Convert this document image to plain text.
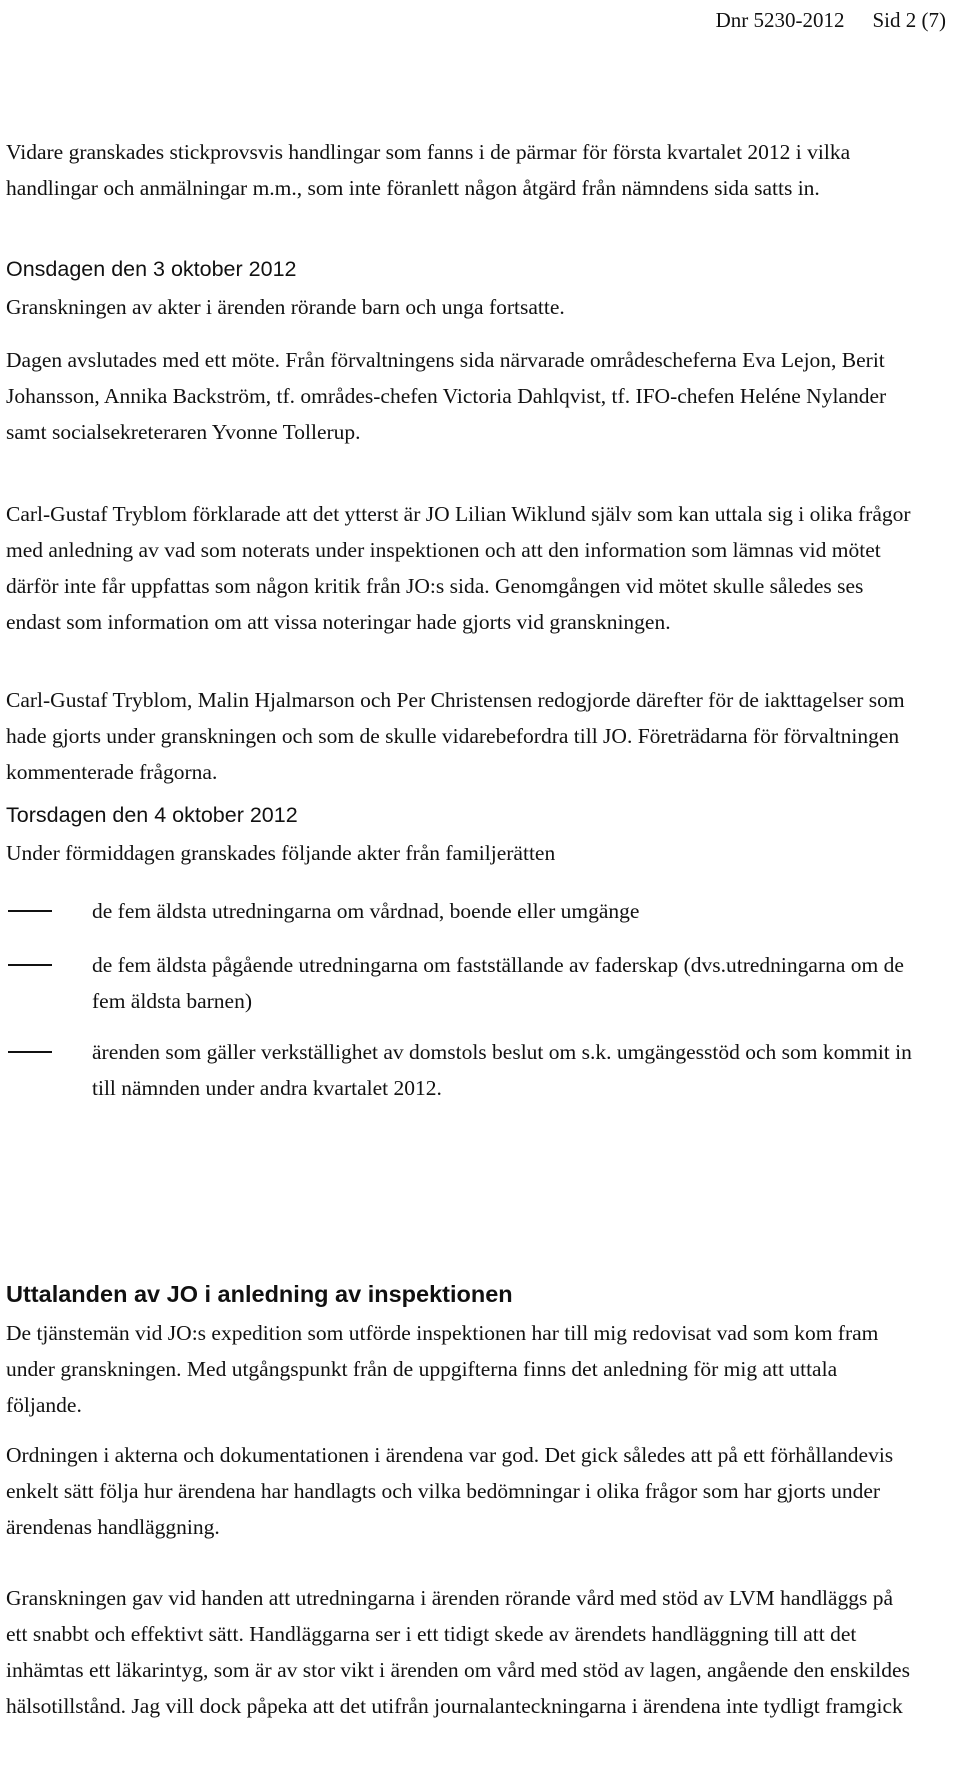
Dnr 5230-2012 Sid 2 (7)

Vidare granskades stickprovsvis handlingar som fanns i de pärmar för första kvartalet 2012 i vilka handlingar och anmälningar m.m., som inte föranlett någon åtgärd från nämndens sida satts in.

Onsdagen den 3 oktober 2012

Granskningen av akter i ärenden rörande barn och unga fortsatte.

Dagen avslutades med ett möte. Från förvaltningens sida närvarade områdescheferna Eva Lejon, Berit Johansson, Annika Backström, tf. områdes-chefen Victoria Dahlqvist, tf. IFO-chefen Heléne Nylander samt socialsekreteraren Yvonne Tollerup.

Carl-Gustaf Tryblom förklarade att det ytterst är JO Lilian Wiklund själv som kan uttala sig i olika frågor med anledning av vad som noterats under inspektionen och att den information som lämnas vid mötet därför inte får uppfattas som någon kritik från JO:s sida. Genomgången vid mötet skulle således ses endast som information om att vissa noteringar hade gjorts vid granskningen.

Carl-Gustaf Tryblom, Malin Hjalmarson och Per Christensen redogjorde därefter för de iakttagelser som hade gjorts under granskningen och som de skulle vidarebefordra till JO. Företrädarna för förvaltningen kommenterade frågorna.

Torsdagen den 4 oktober 2012

Under förmiddagen granskades följande akter från familjerätten

de fem äldsta utredningarna om vårdnad, boende eller umgänge
de fem äldsta pågående utredningarna om fastställande av faderskap (dvs.utredningarna om de fem äldsta barnen)
ärenden som gäller verkställighet av domstols beslut om s.k. umgängesstöd och som kommit in till nämnden under andra kvartalet 2012.
Uttalanden av JO i anledning av inspektionen

De tjänstemän vid JO:s expedition som utförde inspektionen har till mig redovisat vad som kom fram under granskningen. Med utgångspunkt från de uppgifterna finns det anledning för mig att uttala följande.

Ordningen i akterna och dokumentationen i ärendena var god. Det gick således att på ett förhållandevis enkelt sätt följa hur ärendena har handlagts och vilka bedömningar i olika frågor som har gjorts under ärendenas handläggning.

Granskningen gav vid handen att utredningarna i ärenden rörande vård med stöd av LVM handläggs på ett snabbt och effektivt sätt. Handläggarna ser i ett tidigt skede av ärendets handläggning till att det inhämtas ett läkarintyg, som är av stor vikt i ärenden om vård med stöd av lagen, angående den enskildes hälsotillstånd. Jag vill dock påpeka att det utifrån journalanteckningarna i ärendena inte tydligt framgick
